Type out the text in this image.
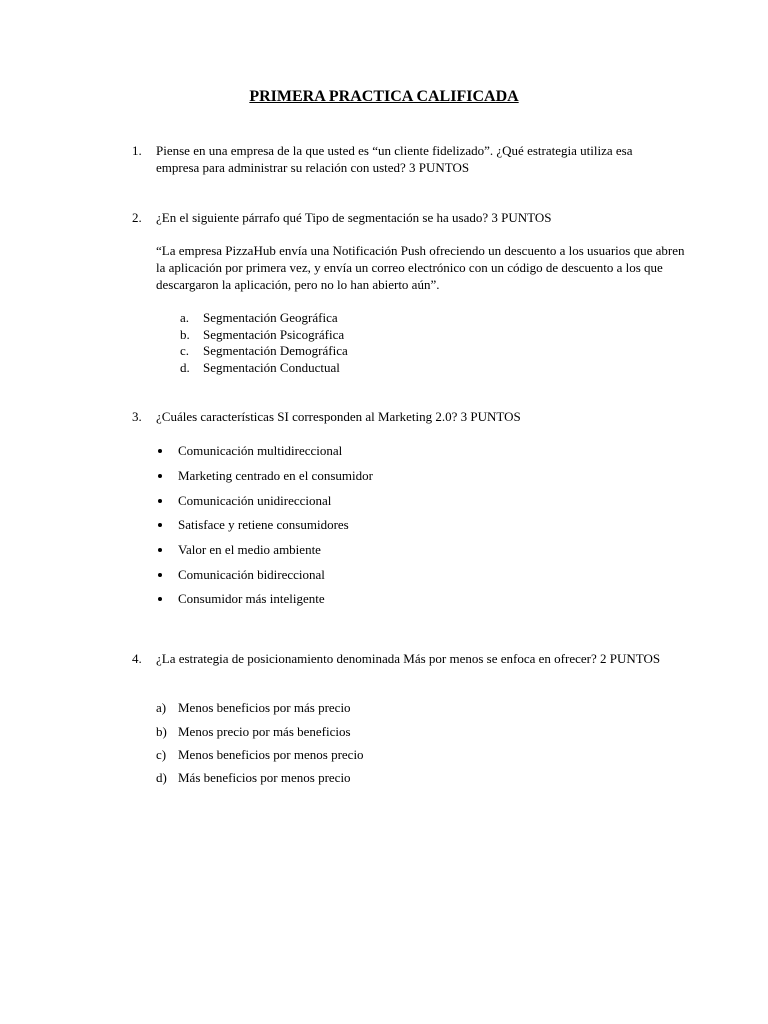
PRIMERA PRACTICA CALIFICADA
1. Piense en una empresa de la que usted es “un cliente fidelizado”. ¿Qué estrategia utiliza esa empresa para administrar su relación con usted? 3 PUNTOS
2. ¿En el siguiente párrafo qué Tipo de segmentación se ha usado? 3 PUNTOS
“La empresa PizzaHub envía una Notificación Push ofreciendo un descuento a los usuarios que abren la aplicación por primera vez, y envía un correo electrónico con un código de descuento a los que descargaron la aplicación, pero no lo han abierto aún”.
a. Segmentación Geográfica
b. Segmentación Psicográfica
c. Segmentación Demográfica
d. Segmentación Conductual
3. ¿Cuáles características SI corresponden al Marketing 2.0? 3 PUNTOS
Comunicación multidireccional
Marketing centrado en el consumidor
Comunicación unidireccional
Satisface y retiene consumidores
Valor en el medio ambiente
Comunicación bidireccional
Consumidor más inteligente
4. ¿La estrategia de posicionamiento denominada Más por menos se enfoca en ofrecer? 2 PUNTOS
a) Menos beneficios por más precio
b) Menos precio por más beneficios
c) Menos beneficios por menos precio
d) Más beneficios por menos precio
